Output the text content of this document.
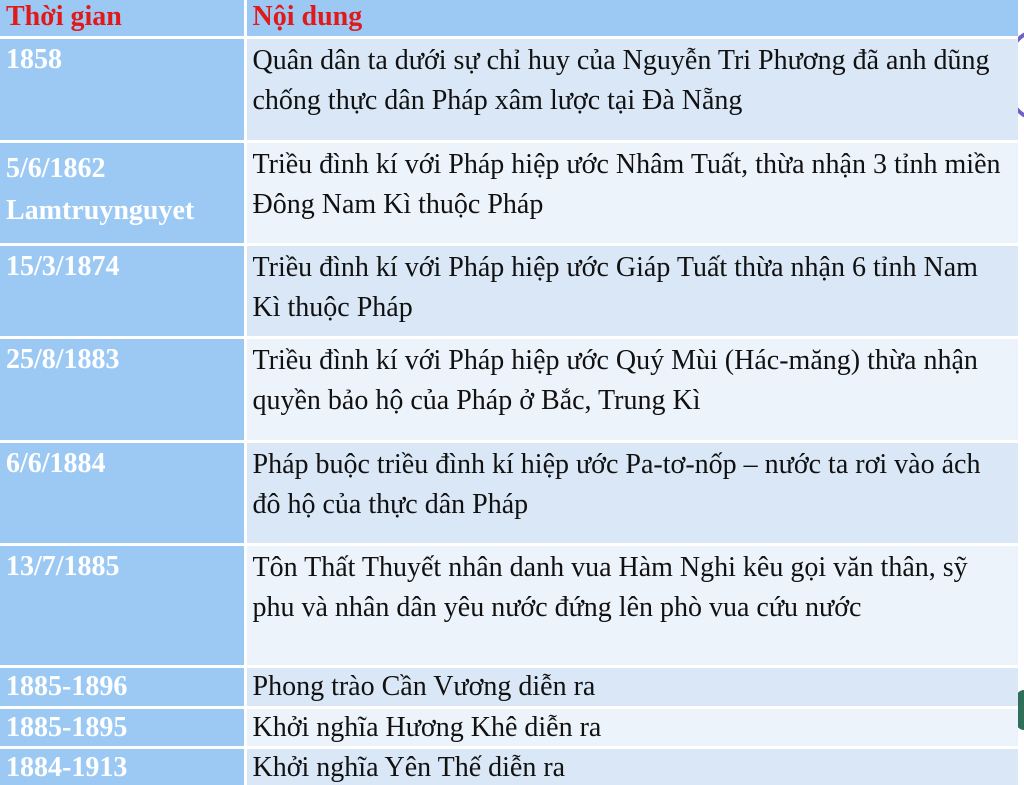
Thời gian	Nội dung

1858	Quân dân ta dưới sự chỉ huy của Nguyễn Tri Phương đã anh dũng chống thực dân Pháp xâm lược tại Đà Nẵng

5/6/1862
Lamtruynguyet	Triều đình kí với Pháp hiệp ước Nhâm Tuất, thừa nhận 3 tỉnh miền Đông Nam Kì thuộc Pháp

15/3/1874	Triều đình kí với Pháp hiệp ước Giáp Tuất thừa nhận 6 tỉnh Nam Kì thuộc Pháp

25/8/1883	Triều đình kí với Pháp hiệp ước Quý Mùi (Hác-măng) thừa nhận quyền bảo hộ của Pháp ở Bắc, Trung Kì

6/6/1884	Pháp buộc triều đình kí hiệp ước Pa-tơ-nốp – nước ta rơi vào ách đô hộ của thực dân Pháp

13/7/1885	Tôn Thất Thuyết nhân danh vua Hàm Nghi kêu gọi văn thân, sỹ phu và nhân dân yêu nước đứng lên phò vua cứu nước

1885-1896	Phong trào Cần Vương diễn ra

1885-1895	Khởi nghĩa Hương Khê diễn ra

1884-1913	Khởi nghĩa Yên Thế diễn ra
